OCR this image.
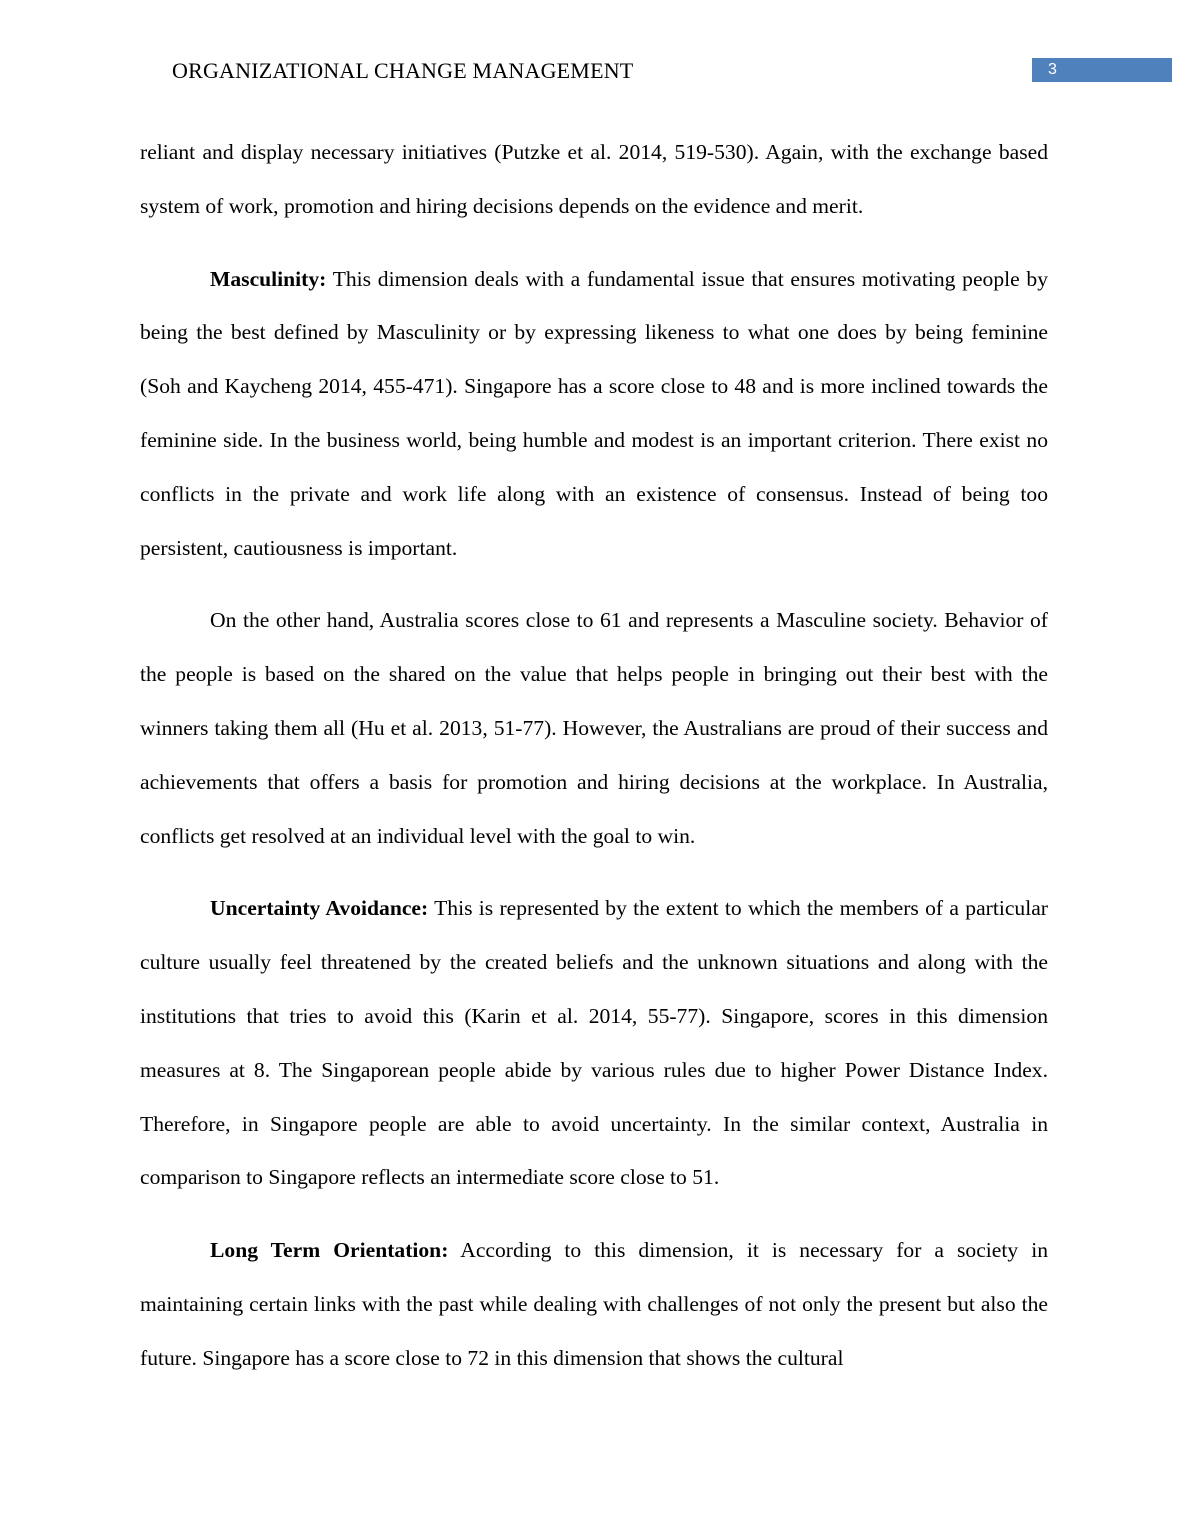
ORGANIZATIONAL CHANGE MANAGEMENT	3

reliant and display necessary initiatives (Putzke et al. 2014, 519-530). Again, with the exchange based system of work, promotion and hiring decisions depends on the evidence and merit.

Masculinity: This dimension deals with a fundamental issue that ensures motivating people by being the best defined by Masculinity or by expressing likeness to what one does by being feminine (Soh and Kaycheng 2014, 455-471). Singapore has a score close to 48 and is more inclined towards the feminine side. In the business world, being humble and modest is an important criterion. There exist no conflicts in the private and work life along with an existence of consensus. Instead of being too persistent, cautiousness is important.

On the other hand, Australia scores close to 61 and represents a Masculine society. Behavior of the people is based on the shared on the value that helps people in bringing out their best with the winners taking them all (Hu et al. 2013, 51-77). However, the Australians are proud of their success and achievements that offers a basis for promotion and hiring decisions at the workplace. In Australia, conflicts get resolved at an individual level with the goal to win.

Uncertainty Avoidance: This is represented by the extent to which the members of a particular culture usually feel threatened by the created beliefs and the unknown situations and along with the institutions that tries to avoid this (Karin et al. 2014, 55-77). Singapore, scores in this dimension measures at 8. The Singaporean people abide by various rules due to higher Power Distance Index. Therefore, in Singapore people are able to avoid uncertainty. In the similar context, Australia in comparison to Singapore reflects an intermediate score close to 51.

Long Term Orientation: According to this dimension, it is necessary for a society in maintaining certain links with the past while dealing with challenges of not only the present but also the future. Singapore has a score close to 72 in this dimension that shows the cultural
